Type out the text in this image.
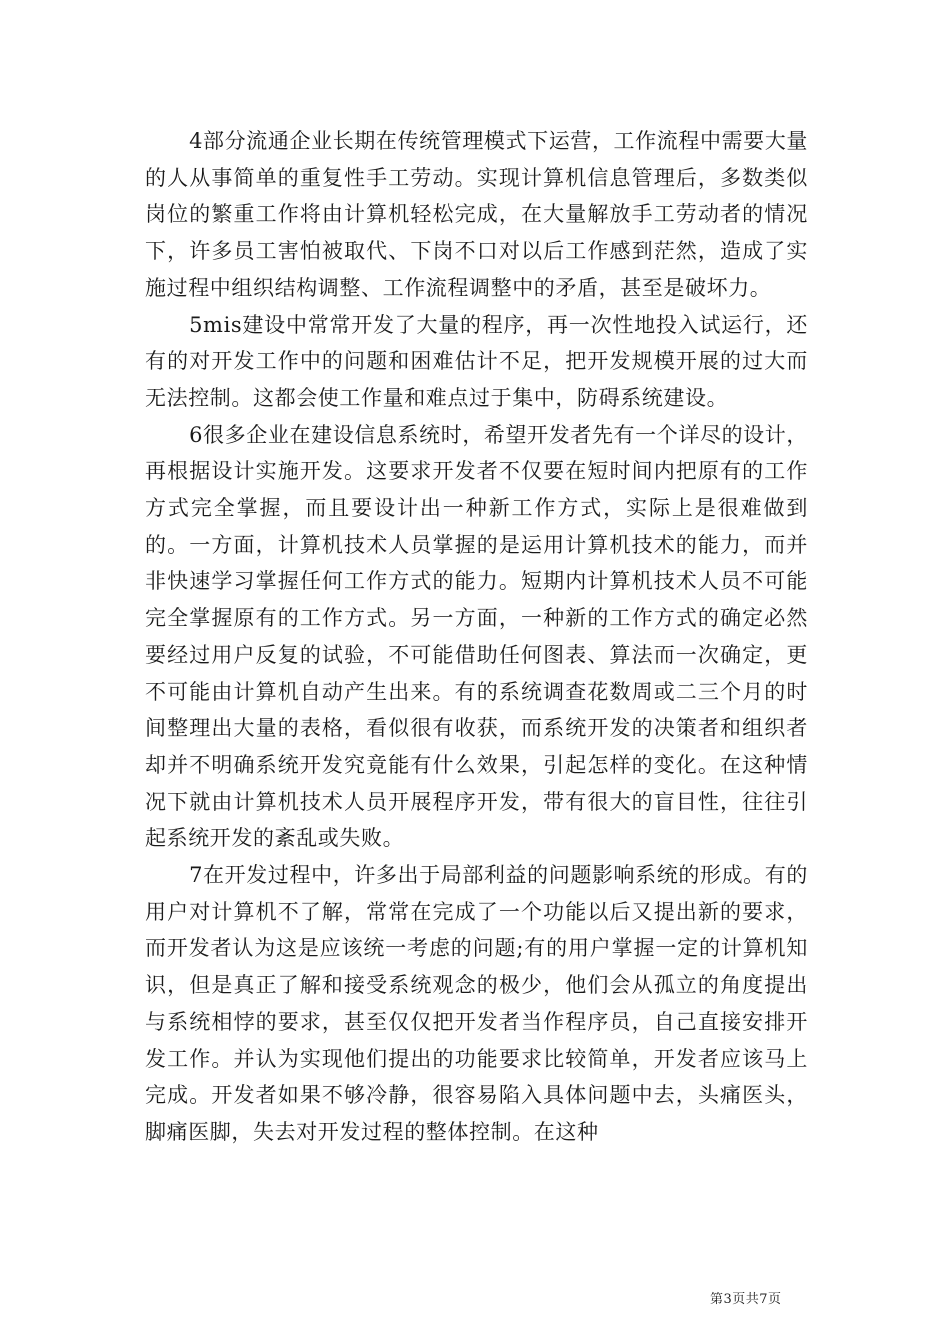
4部分流通企业长期在传统管理模式下运营，工作流程中需要大量的人从事简单的重复性手工劳动。实现计算机信息管理后，多数类似岗位的繁重工作将由计算机轻松完成，在大量解放手工劳动者的情况下，许多员工害怕被取代、下岗不口对以后工作感到茫然，造成了实施过程中组织结构调整、工作流程调整中的矛盾，甚至是破坏力。

5mis建设中常常开发了大量的程序，再一次性地投入试运行，还有的对开发工作中的问题和困难估计不足，把开发规模开展的过大而无法控制。这都会使工作量和难点过于集中，防碍系统建设。

6很多企业在建设信息系统时，希望开发者先有一个详尽的设计，再根据设计实施开发。这要求开发者不仅要在短时间内把原有的工作方式完全掌握，而且要设计出一种新工作方式，实际上是很难做到的。一方面，计算机技术人员掌握的是运用计算机技术的能力，而并非快速学习掌握任何工作方式的能力。短期内计算机技术人员不可能完全掌握原有的工作方式。另一方面，一种新的工作方式的确定必然要经过用户反复的试验，不可能借助任何图表、算法而一次确定，更不可能由计算机自动产生出来。有的系统调查花数周或二三个月的时间整理出大量的表格，看似很有收获，而系统开发的决策者和组织者却并不明确系统开发究竟能有什么效果，引起怎样的变化。在这种情况下就由计算机技术人员开展程序开发，带有很大的盲目性，往往引起系统开发的紊乱或失败。

7在开发过程中，许多出于局部利益的问题影响系统的形成。有的用户对计算机不了解，常常在完成了一个功能以后又提出新的要求，而开发者认为这是应该统一考虑的问题;有的用户掌握一定的计算机知识，但是真正了解和接受系统观念的极少，他们会从孤立的角度提出与系统相悖的要求，甚至仅仅把开发者当作程序员，自己直接安排开发工作。并认为实现他们提出的功能要求比较简单，开发者应该马上完成。开发者如果不够冷静，很容易陷入具体问题中去，头痛医头，脚痛医脚，失去对开发过程的整体控制。在这种

第3页共7页
